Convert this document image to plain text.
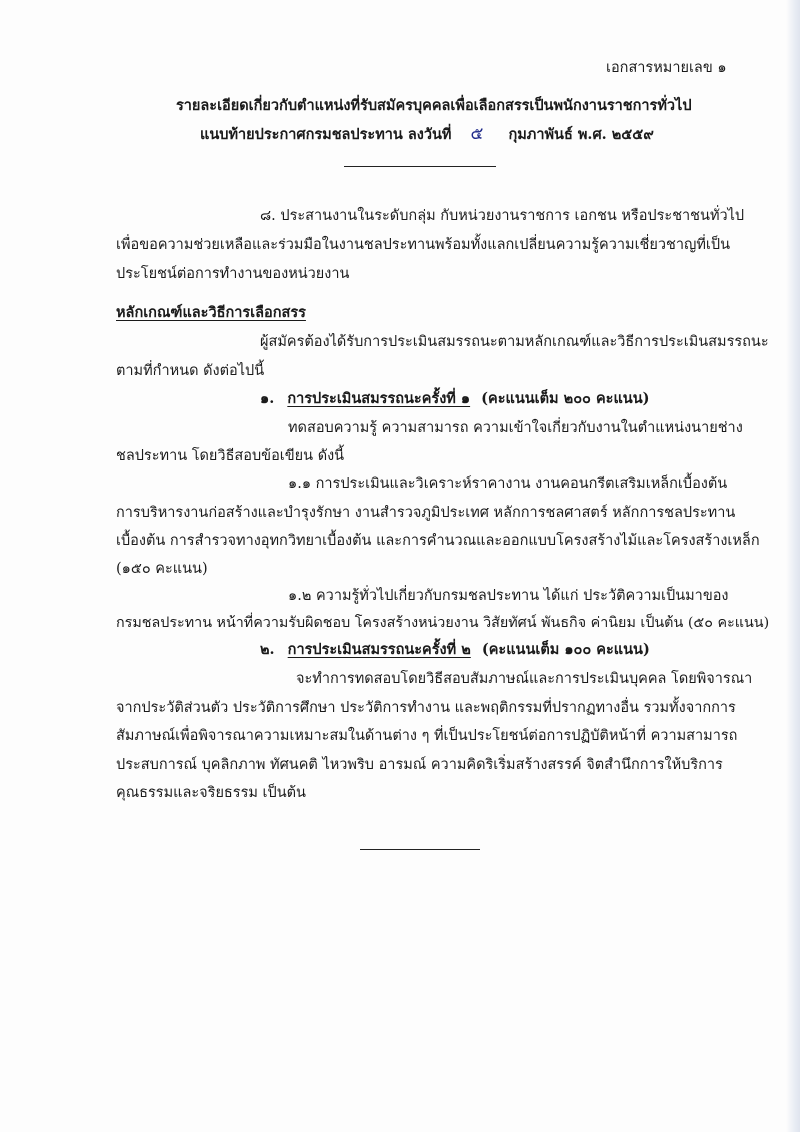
เอกสารหมายเลข ๑
รายละเอียดเกี่ยวกับตำแหน่งที่รับสมัครบุคคลเพื่อเลือกสรรเป็นพนักงานราชการทั่วไป
แนบท้ายประกาศกรมชลประทาน ลงวันที่ ๕ กุมภาพันธ์ พ.ศ. ๒๕๕๙
๘. ประสานงานในระดับกลุ่ม กับหน่วยงานราชการ เอกชน หรือประชาชนทั่วไป
เพื่อขอความช่วยเหลือและร่วมมือในงานชลประทานพร้อมทั้งแลกเปลี่ยนความรู้ความเชี่ยวชาญที่เป็น
ประโยชน์ต่อการทำงานของหน่วยงาน
หลักเกณฑ์และวิธีการเลือกสรร
ผู้สมัครต้องได้รับการประเมินสมรรถนะตามหลักเกณฑ์และวิธีการประเมินสมรรถนะ
ตามที่กำหนด ดังต่อไปนี้
๑. การประเมินสมรรถนะครั้งที่ ๑ (คะแนนเต็ม ๒๐๐ คะแนน)
ทดสอบความรู้ ความสามารถ ความเข้าใจเกี่ยวกับงานในตำแหน่งนายช่าง
ชลประทาน โดยวิธีสอบข้อเขียน ดังนี้
๑.๑ การประเมินและวิเคราะห์ราคางาน งานคอนกรีตเสริมเหล็กเบื้องต้น
การบริหารงานก่อสร้างและบำรุงรักษา งานสำรวจภูมิประเทศ หลักการชลศาสตร์ หลักการชลประทาน
เบื้องต้น การสำรวจทางอุทกวิทยาเบื้องต้น และการคำนวณและออกแบบโครงสร้างไม้และโครงสร้างเหล็ก
(๑๕๐ คะแนน)
๑.๒ ความรู้ทั่วไปเกี่ยวกับกรมชลประทาน ได้แก่ ประวัติความเป็นมาของ
กรมชลประทาน หน้าที่ความรับผิดชอบ โครงสร้างหน่วยงาน วิสัยทัศน์ พันธกิจ ค่านิยม เป็นต้น (๕๐ คะแนน)
๒. การประเมินสมรรถนะครั้งที่ ๒ (คะแนนเต็ม ๑๐๐ คะแนน)
จะทำการทดสอบโดยวิธีสอบสัมภาษณ์และการประเมินบุคคล โดยพิจารณา
จากประวัติส่วนตัว ประวัติการศึกษา ประวัติการทำงาน และพฤติกรรมที่ปรากฏทางอื่น รวมทั้งจากการ
สัมภาษณ์เพื่อพิจารณาความเหมาะสมในด้านต่าง ๆ ที่เป็นประโยชน์ต่อการปฏิบัติหน้าที่ ความสามารถ
ประสบการณ์ บุคลิกภาพ ทัศนคติ ไหวพริบ อารมณ์ ความคิดริเริ่มสร้างสรรค์ จิตสำนึกการให้บริการ
คุณธรรมและจริยธรรม เป็นต้น
